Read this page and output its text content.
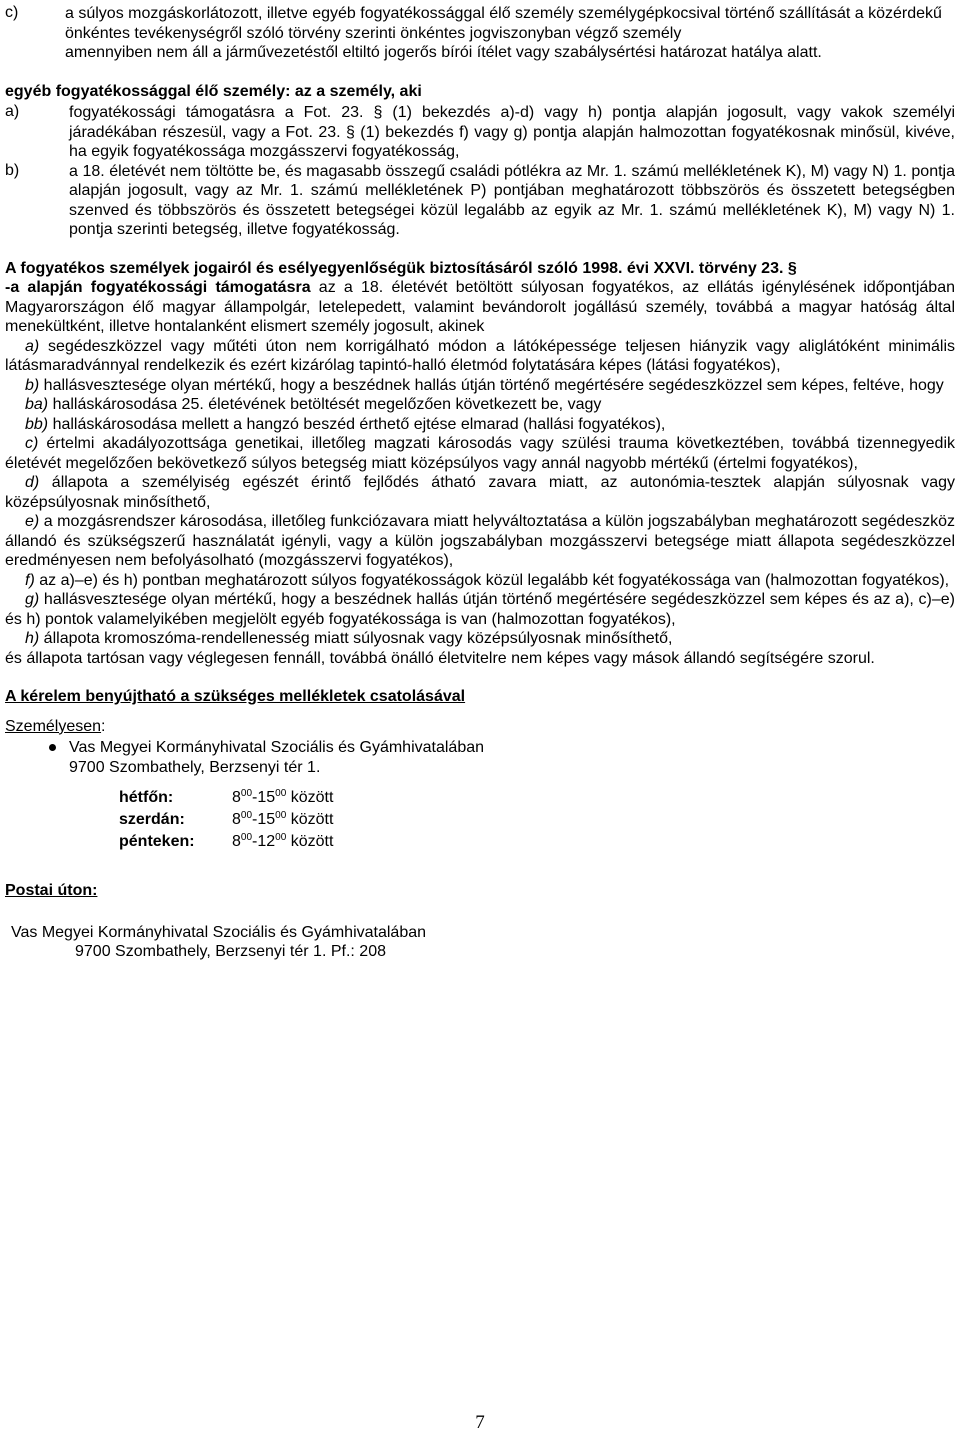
c)	a súlyos mozgáskorlátozott, illetve egyéb fogyatékossággal élő személy személygépkocsival történő szállítását a közérdekű önkéntes tevékenységről szóló törvény szerinti önkéntes jogviszonyban végző személy

amennyiben nem áll a járművezetéstől eltiltó jogerős bírói ítélet vagy szabálysértési határozat hatálya alatt.

egyéb fogyatékossággal élő személy: az a személy, aki

a)	fogyatékossági támogatásra a Fot. 23. § (1) bekezdés a)-d) vagy h) pontja alapján jogosult, vagy vakok személyi járadékában részesül, vagy a Fot. 23. § (1) bekezdés f) vagy g) pontja alapján halmozottan fogyatékosnak minősül, kivéve, ha egyik fogyatékossága mozgásszervi fogyatékosság,

b)	a 18. életévét nem töltötte be, és magasabb összegű családi pótlékra az Mr. 1. számú mellékletének K), M) vagy N) 1. pontja alapján jogosult, vagy az Mr. 1. számú mellékletének P) pontjában meghatározott többszörös és összetett betegségben szenved és többszörös és összetett betegségei közül legalább az egyik az Mr. 1. számú mellékletének K), M) vagy N) 1. pontja szerinti betegség, illetve fogyatékosság.

A fogyatékos személyek jogairól és esélyegyenlőségük biztosításáról szóló 1998. évi XXVI. törvény 23. §

-a alapján fogyatékossági támogatásra az a 18. életévét betöltött súlyosan fogyatékos, az ellátás igénylésének időpontjában Magyarországon élő magyar állampolgár, letelepedett, valamint bevándorolt jogállású személy, továbbá a magyar hatóság által menekültként, illetve hontalanként elismert személy jogosult, akinek

a) segédeszközzel vagy műtéti úton nem korrigálható módon a látóképessége teljesen hiányzik vagy aliglátóként minimális látásmaradvánnyal rendelkezik és ezért kizárólag tapintó-halló életmód folytatására képes (látási fogyatékos),

b) hallásvesztesége olyan mértékű, hogy a beszédnek hallás útján történő megértésére segédeszközzel sem képes, feltéve, hogy

ba) halláskárosodása 25. életévének betöltését megelőzően következett be, vagy

bb) halláskárosodása mellett a hangzó beszéd érthető ejtése elmarad (hallási fogyatékos),

c) értelmi akadályozottsága genetikai, illetőleg magzati károsodás vagy szülési trauma következtében, továbbá tizennegyedik életévét megelőzően bekövetkező súlyos betegség miatt középsúlyos vagy annál nagyobb mértékű (értelmi fogyatékos),

d) állapota a személyiség egészét érintő fejlődés átható zavara miatt, az autonómia-tesztek alapján súlyosnak vagy középsúlyosnak minősíthető,

e) a mozgásrendszer károsodása, illetőleg funkciózavara miatt helyváltoztatása a külön jogszabályban meghatározott segédeszköz állandó és szükségszerű használatát igényli, vagy a külön jogszabályban mozgásszervi betegsége miatt állapota segédeszközzel eredményesen nem befolyásolható (mozgásszervi fogyatékos),

f) az a)–e) és h) pontban meghatározott súlyos fogyatékosságok közül legalább két fogyatékossága van (halmozottan fogyatékos),

g) hallásvesztesége olyan mértékű, hogy a beszédnek hallás útján történő megértésére segédeszközzel sem képes és az a), c)–e) és h) pontok valamelyikében megjelölt egyéb fogyatékossága is van (halmozottan fogyatékos),

h) állapota kromoszóma-rendellenesség miatt súlyosnak vagy középsúlyosnak minősíthető,

és állapota tartósan vagy véglegesen fennáll, továbbá önálló életvitelre nem képes vagy mások állandó segítségére szorul.

A kérelem benyújtható a szükséges mellékletek csatolásával

Személyesen:

Vas Megyei Kormányhivatal Szociális és Gyámhivatalában

9700 Szombathely, Berzsenyi tér 1.

hétfőn:	$8^{00}-15^{00}$ között
szerdán:	$8^{00}-15^{00}$ között
pénteken:	$8^{00}-12^{00}$ között

Postai úton:

Vas Megyei Kormányhivatal Szociális és Gyámhivatalában

9700 Szombathely, Berzsenyi tér 1. Pf.: 208

7
